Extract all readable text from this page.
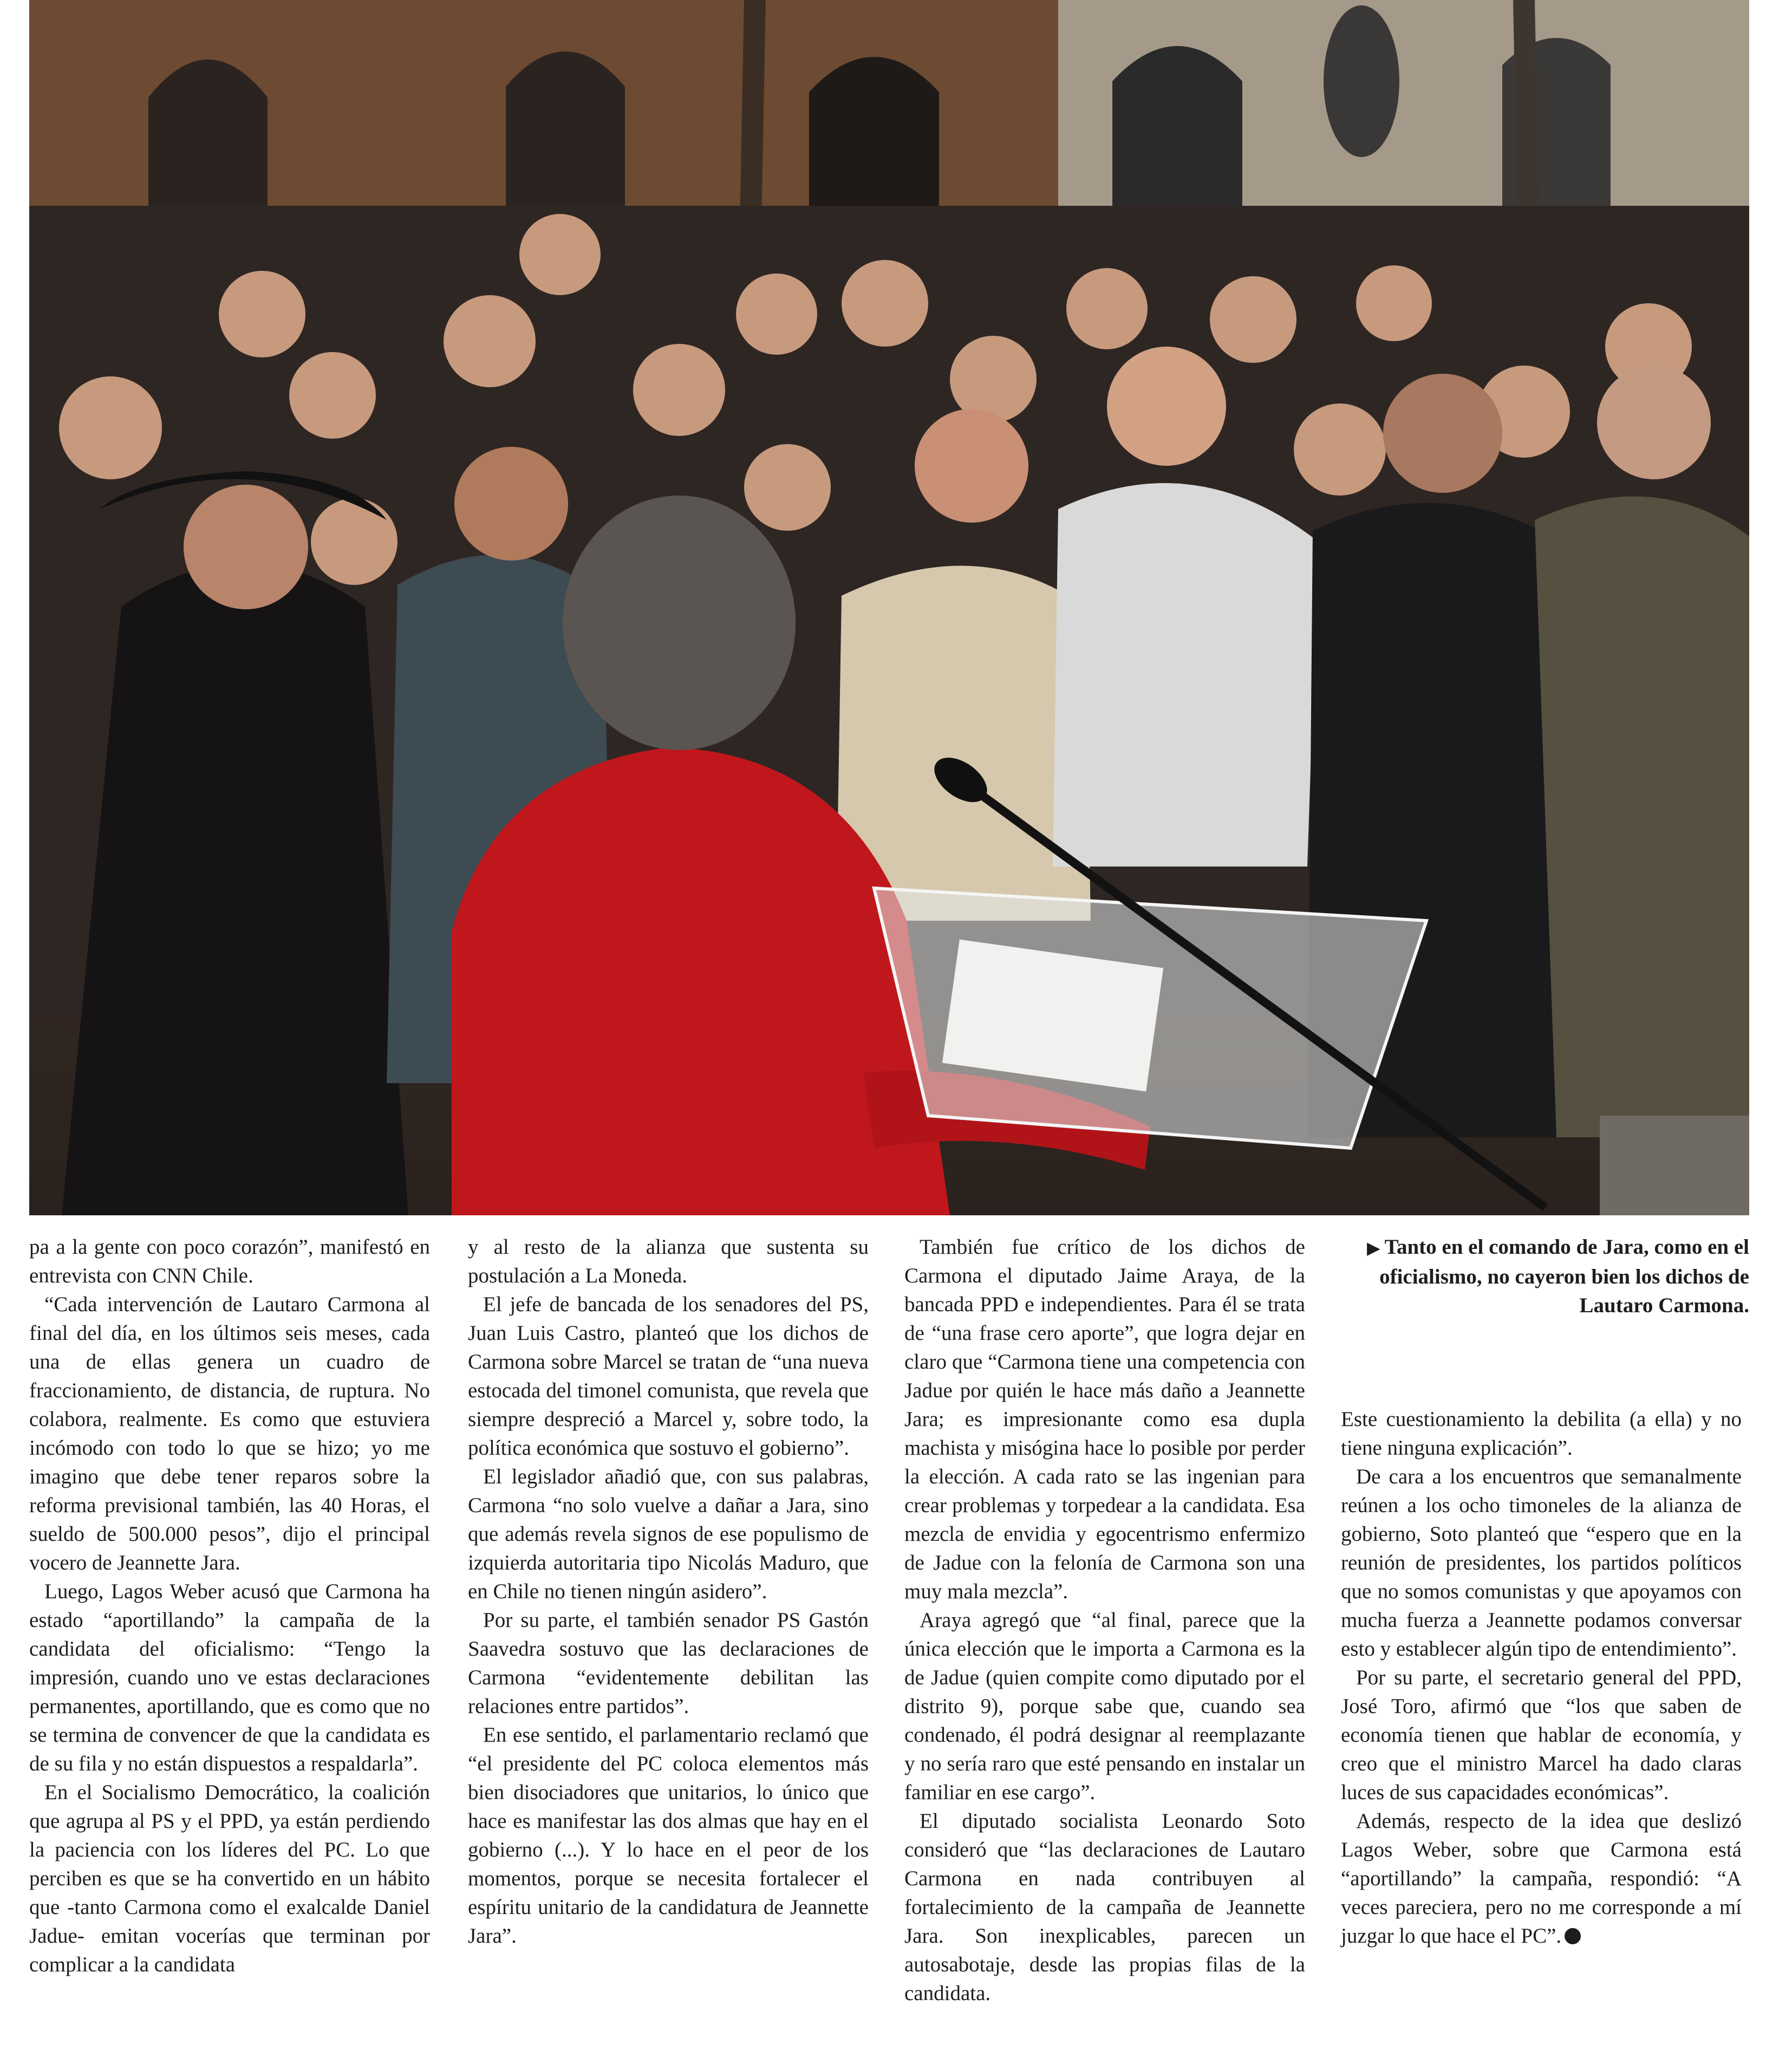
▶ Tanto en el comando de Jara, como en el oficialismo, no cayeron bien los dichos de Lautaro Carmona.

pa a la gente con poco corazón”, manifestó en entrevista con CNN Chile.

“Cada intervención de Lautaro Carmona al final del día, en los últimos seis meses, cada una de ellas genera un cuadro de fraccionamiento, de distancia, de ruptura. No colabora, realmente. Es como que estuviera incómodo con todo lo que se hizo; yo me imagino que debe tener reparos sobre la reforma previsional también, las 40 Horas, el sueldo de 500.000 pesos”, dijo el principal vocero de Jeannette Jara.

Luego, Lagos Weber acusó que Carmona ha estado “aportillando” la campaña de la candidata del oficialismo: “Tengo la impresión, cuando uno ve estas declaraciones permanentes, aportillando, que es como que no se termina de convencer de que la candidata es de su fila y no están dispuestos a respaldarla”.

En el Socialismo Democrático, la coalición que agrupa al PS y el PPD, ya están perdiendo la paciencia con los líderes del PC. Lo que perciben es que se ha convertido en un hábito que -tanto Carmona como el exalcalde Daniel Jadue- emitan vocerías que terminan por complicar a la candidata

y al resto de la alianza que sustenta su postulación a La Moneda.

El jefe de bancada de los senadores del PS, Juan Luis Castro, planteó que los dichos de Carmona sobre Marcel se tratan de “una nueva estocada del timonel comunista, que revela que siempre despreció a Marcel y, sobre todo, la política económica que sostuvo el gobierno”.

El legislador añadió que, con sus palabras, Carmona “no solo vuelve a dañar a Jara, sino que además revela signos de ese populismo de izquierda autoritaria tipo Nicolás Maduro, que en Chile no tienen ningún asidero”.

Por su parte, el también senador PS Gastón Saavedra sostuvo que las declaraciones de Carmona “evidentemente debilitan las relaciones entre partidos”.

En ese sentido, el parlamentario reclamó que “el presidente del PC coloca elementos más bien disociadores que unitarios, lo único que hace es manifestar las dos almas que hay en el gobierno (...). Y lo hace en el peor de los momentos, porque se necesita fortalecer el espíritu unitario de la candidatura de Jeannette Jara”.

También fue crítico de los dichos de Carmona el diputado Jaime Araya, de la bancada PPD e independientes. Para él se trata de “una frase cero aporte”, que logra dejar en claro que “Carmona tiene una competencia con Jadue por quién le hace más daño a Jeannette Jara; es impresionante como esa dupla machista y misógina hace lo posible por perder la elección. A cada rato se las ingenian para crear problemas y torpedear a la candidata. Esa mezcla de envidia y egocentrismo enfermizo de Jadue con la felonía de Carmona son una muy mala mezcla”.

Araya agregó que “al final, parece que la única elección que le importa a Carmona es la de Jadue (quien compite como diputado por el distrito 9), porque sabe que, cuando sea condenado, él podrá designar al reemplazante y no sería raro que esté pensando en instalar un familiar en ese cargo”.

El diputado socialista Leonardo Soto consideró que “las declaraciones de Lautaro Carmona en nada contribuyen al fortalecimiento de la campaña de Jeannette Jara. Son inexplicables, parecen un autosabotaje, desde las propias filas de la candidata.

Este cuestionamiento la debilita (a ella) y no tiene ninguna explicación”.

De cara a los encuentros que semanalmente reúnen a los ocho timoneles de la alianza de gobierno, Soto planteó que “espero que en la reunión de presidentes, los partidos políticos que no somos comunistas y que apoyamos con mucha fuerza a Jeannette podamos conversar esto y establecer algún tipo de entendimiento”.

Por su parte, el secretario general del PPD, José Toro, afirmó que “los que saben de economía tienen que hablar de economía, y creo que el ministro Marcel ha dado claras luces de sus capacidades económicas”.

Además, respecto de la idea que deslizó Lagos Weber, sobre que Carmona está “aportillando” la campaña, respondió: “A veces pareciera, pero no me corresponde a mí juzgar lo que hace el PC”.
